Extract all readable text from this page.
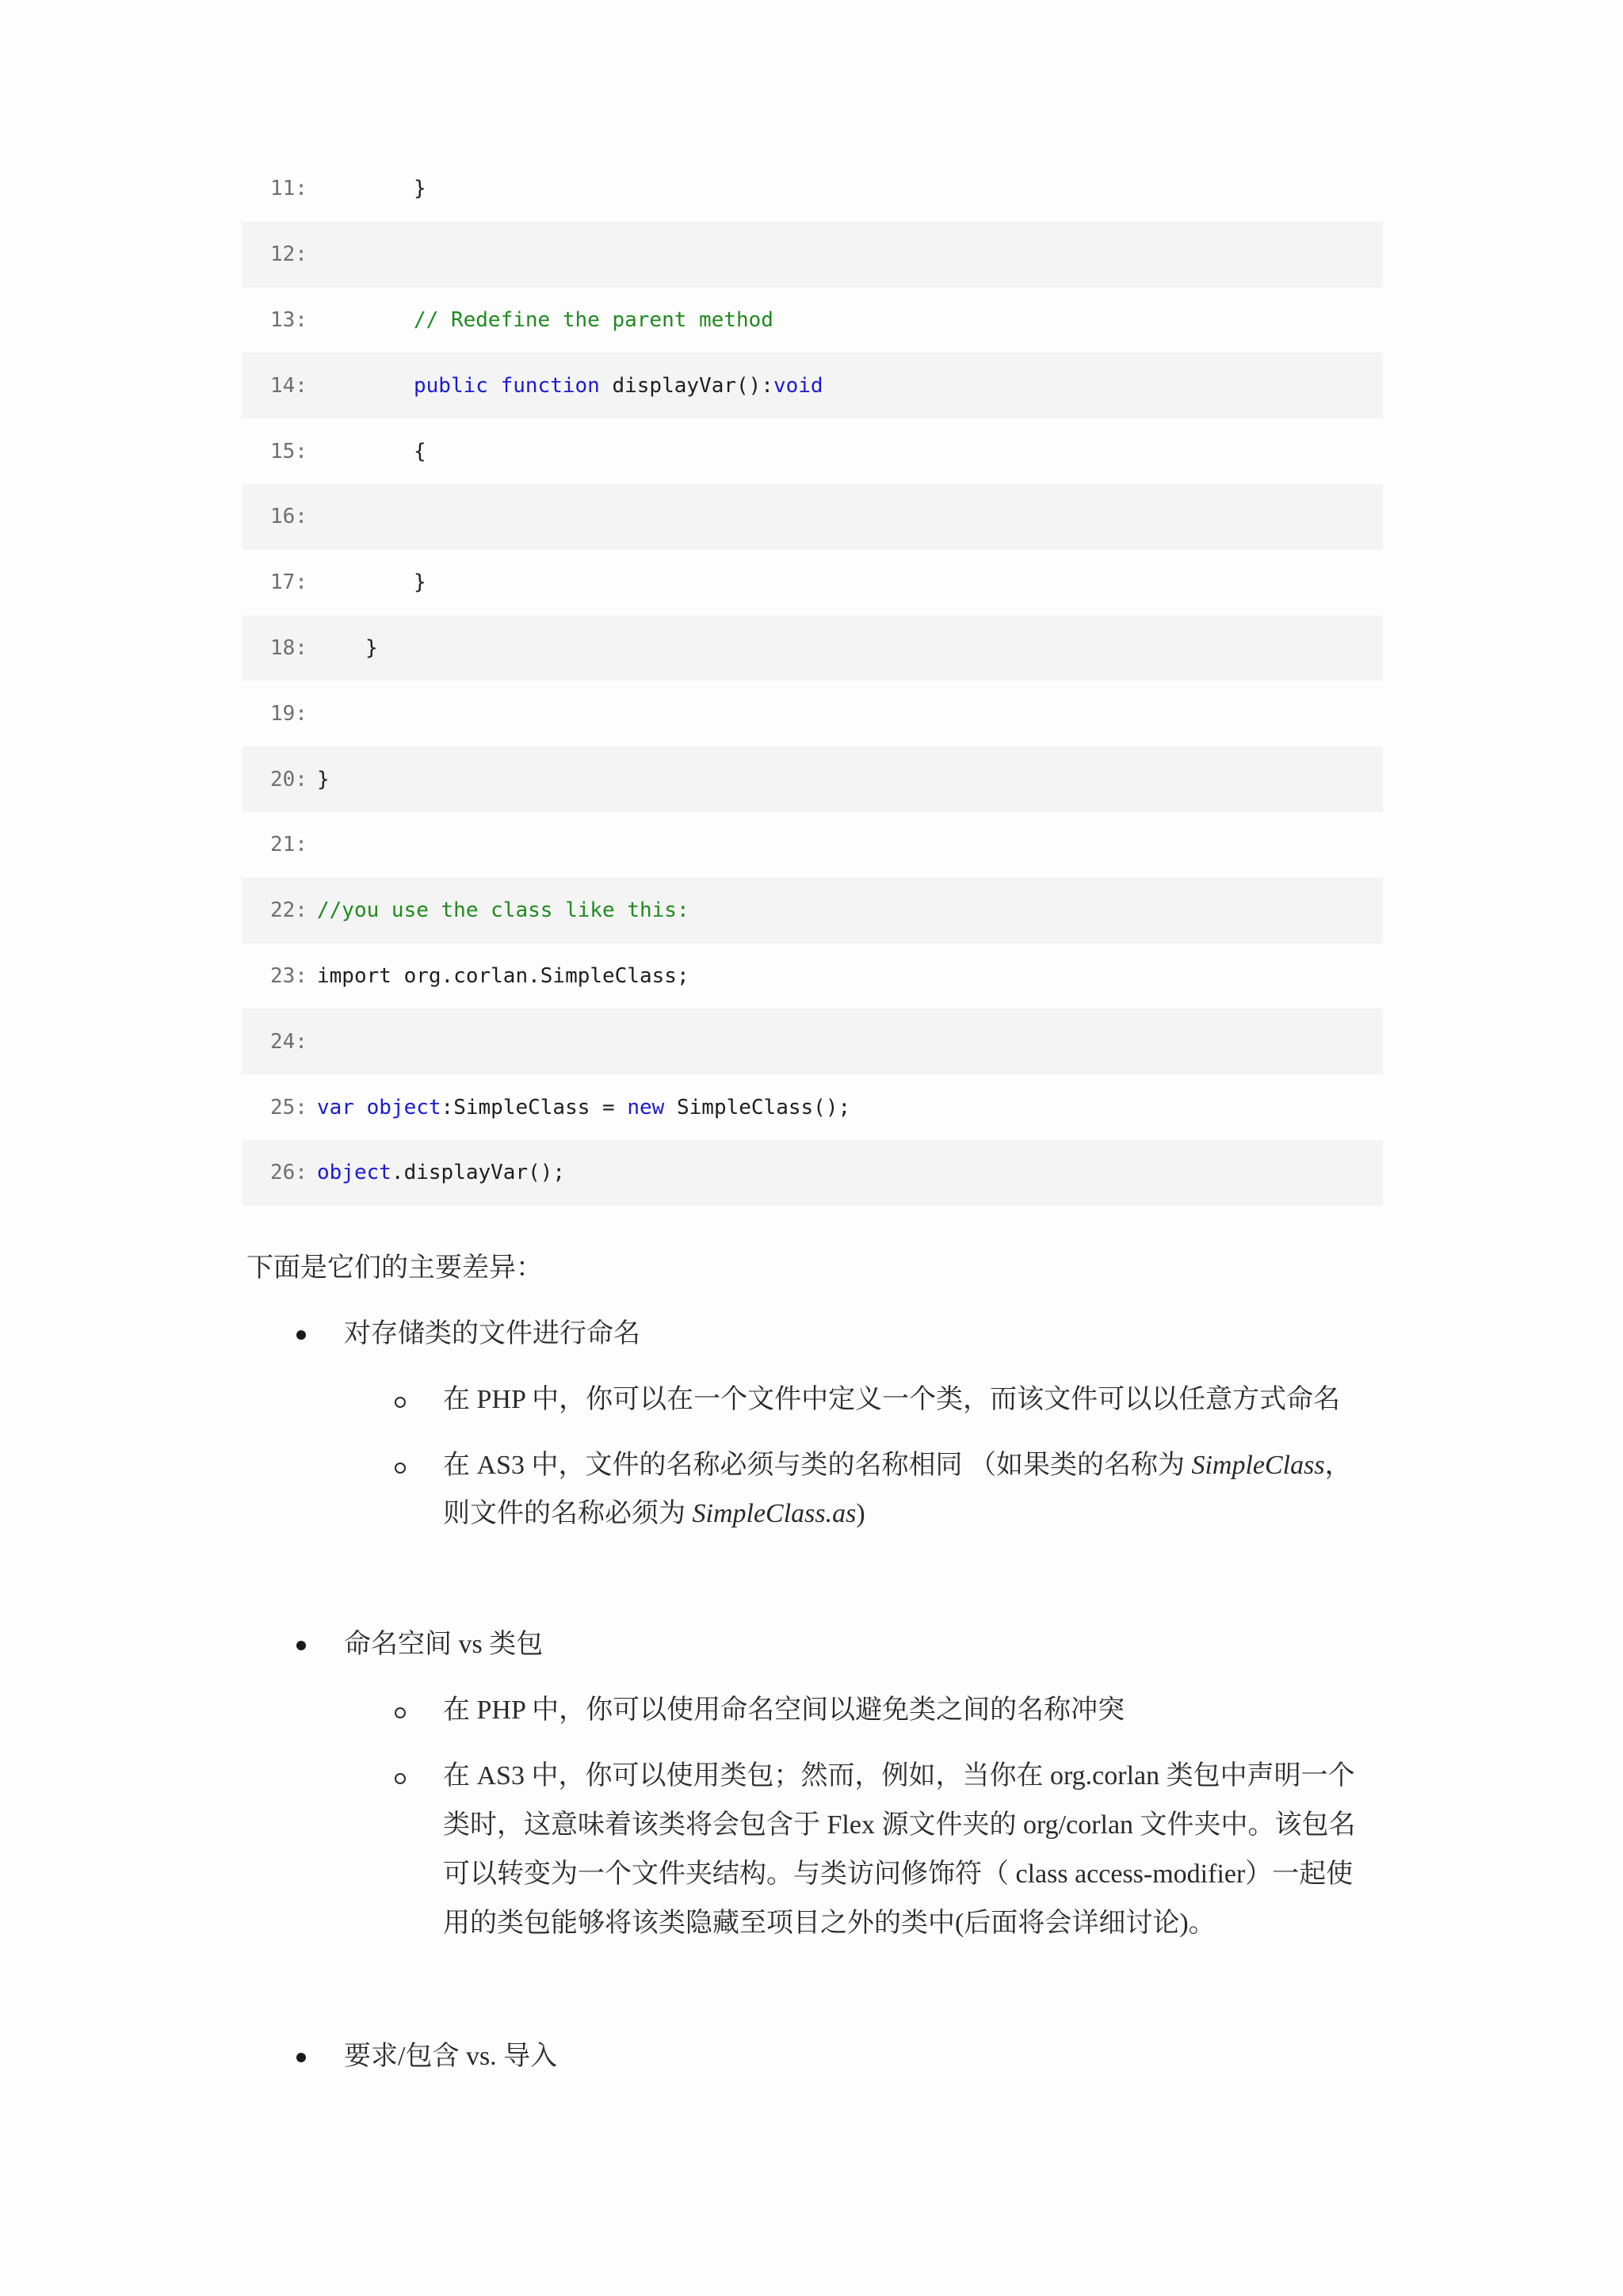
11:	}
12:
13:	// Redefine the parent method
14:	public function displayVar():void
15:	{
16:
17:	}
18:	}
19:
20: }
21:
22: //you use the class like this:
23: import org.corlan.SimpleClass;
24:
25: var object:SimpleClass = new SimpleClass();
26: object.displayVar();
下面是它们的主要差异：
对存储类的文件进行命名
在 PHP 中，你可以在一个文件中定义一个类，而该文件可以以任意方式命名
在 AS3 中，文件的名称必须与类的名称相同 （如果类的名称为 SimpleClass，
则文件的名称必须为 SimpleClass.as)
命名空间 vs 类包
在 PHP 中，你可以使用命名空间以避免类之间的名称冲突
在 AS3 中，你可以使用类包；然而，例如，当你在 org.corlan 类包中声明一个
类时，这意味着该类将会包含于 Flex 源文件夹的 org/corlan 文件夹中。该包名
可以转变为一个文件夹结构。与类访问修饰符（ class access-modifier）一起使
用的类包能够将该类隐藏至项目之外的类中(后面将会详细讨论)。
要求/包含 vs. 导入
